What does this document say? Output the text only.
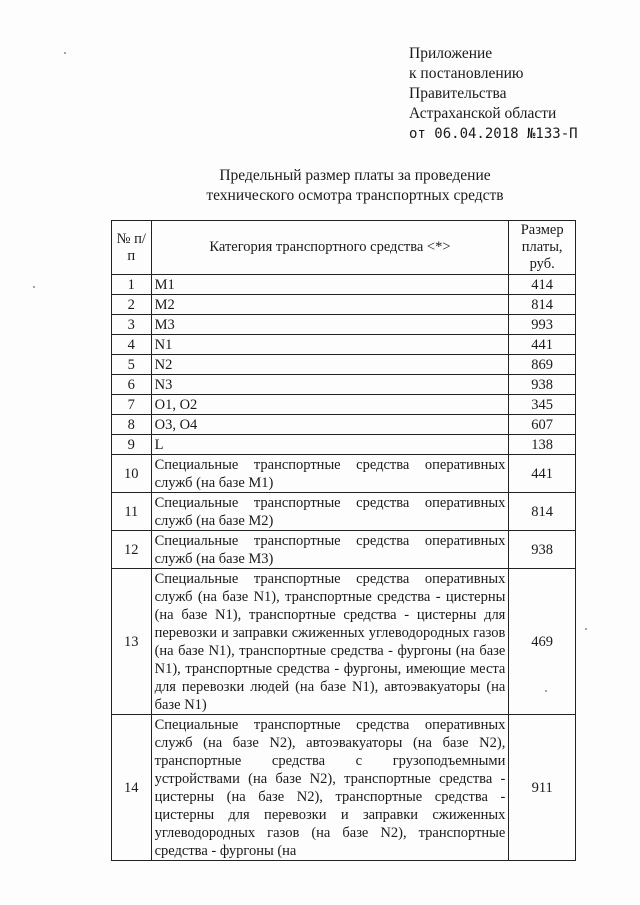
Приложение
к постановлению
Правительства
Астраханской области
от 06.04.2018 №133-П
Предельный размер платы за проведение
технического осмотра транспортных средств
№ п/п	Категория транспортного средства <*>	Размер платы, руб.
1	M1	414
2	M2	814
3	M3	993
4	N1	441
5	N2	869
6	N3	938
7	O1, O2	345
8	O3, O4	607
9	L	138
10	Специальные транспортные средства оперативных служб (на базе M1)	441
11	Специальные транспортные средства оперативных служб (на базе M2)	814
12	Специальные транспортные средства оперативных служб (на базе M3)	938
13	Специальные транспортные средства оперативных служб (на базе N1), транспортные средства - цистерны (на базе N1), транспортные средства - цистерны для перевозки и заправки сжиженных углеводородных газов (на базе N1), транспортные средства - фургоны (на базе N1), транспортные средства - фургоны, имеющие места для перевозки людей (на базе N1), автоэвакуаторы (на базе N1)	469
14	Специальные транспортные средства оперативных служб (на базе N2), автоэвакуаторы (на базе N2), транспортные средства с грузоподъемными устройствами (на базе N2), транспортные средства - цистерны (на базе N2), транспортные средства - цистерны для перевозки и заправки сжиженных углеводородных газов (на базе N2), транспортные средства - фургоны (на	911
